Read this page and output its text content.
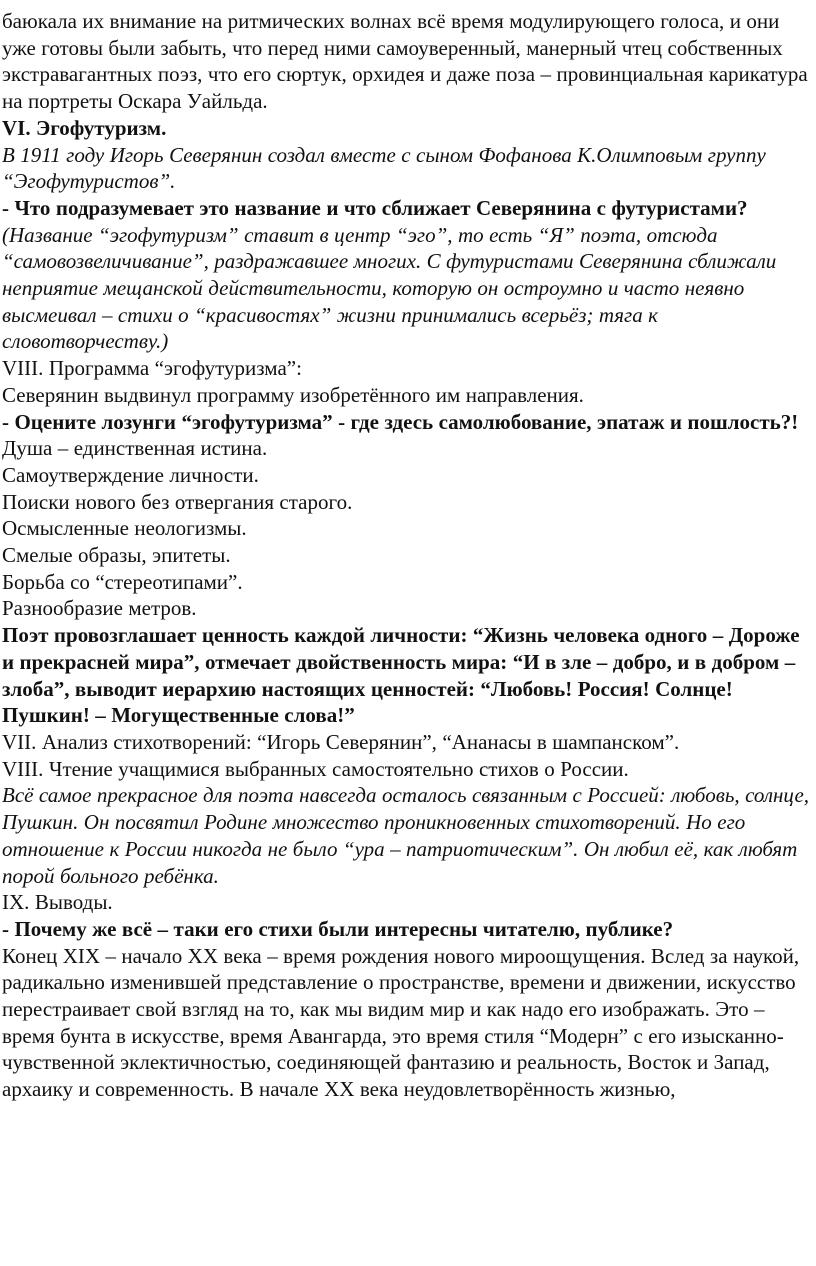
баюкала их внимание на ритмических волнах всё время модулирующего голоса, и они уже готовы были забыть, что перед ними самоуверенный, манерный чтец собственных экстравагантных поэз, что его сюртук, орхидея и даже поза – провинциальная карикатура на портреты Оскара Уайльда.

VI. Эгофутуризм.

В 1911 году Игорь Северянин создал вместе с сыном Фофанова К.Олимповым группу “Эгофутуристов”.

- Что подразумевает это название и что сближает Северянина с футуристами?

(Название “эгофутуризм” ставит в центр “эго”, то есть “Я” поэта, отсюда “самовозвеличивание”, раздражавшее многих. С футуристами Северянина сближали неприятие мещанской действительности, которую он остроумно и часто неявно высмеивал – стихи о “красивостях” жизни принимались всерьёз; тяга к словотворчеству.)

VIII. Программа “эгофутуризма”:

Северянин выдвинул программу изобретённого им направления.

- Оцените лозунги “эгофутуризма” - где здесь самолюбование, эпатаж и пошлость?!

Душа – единственная истина.

Самоутверждение личности.

Поиски нового без отвергания старого.

Осмысленные неологизмы.

Смелые образы, эпитеты.

Борьба со “стереотипами”.

Разнообразие метров.

Поэт провозглашает ценность каждой личности: “Жизнь человека одного – Дороже и прекрасней мира”, отмечает двойственность мира: “И в зле – добро, и в добром – злоба”, выводит иерархию настоящих ценностей: “Любовь! Россия! Солнце! Пушкин! – Могущественные слова!”

VII. Анализ стихотворений: “Игорь Северянин”, “Ананасы в шампанском”.

VIII. Чтение учащимися выбранных самостоятельно стихов о России.

Всё самое прекрасное для поэта навсегда осталось связанным с Россией: любовь, солнце, Пушкин. Он посвятил Родине множество проникновенных стихотворений. Но его отношение к России никогда не было “ура – патриотическим”. Он любил её, как любят порой больного ребёнка.

IX. Выводы.

- Почему же всё – таки его стихи были интересны читателю, публике?

Конец XIX – начало XX века – время рождения нового мироощущения. Вслед за наукой, радикально изменившей представление о пространстве, времени и движении, искусство перестраивает свой взгляд на то, как мы видим мир и как надо его изображать. Это – время бунта в искусстве, время Авангарда, это время стиля “Модерн” с его изысканно-чувственной эклектичностью, соединяющей фантазию и реальность, Восток и Запад, архаику и современность. В начале XX века неудовлетворённость жизнью,
